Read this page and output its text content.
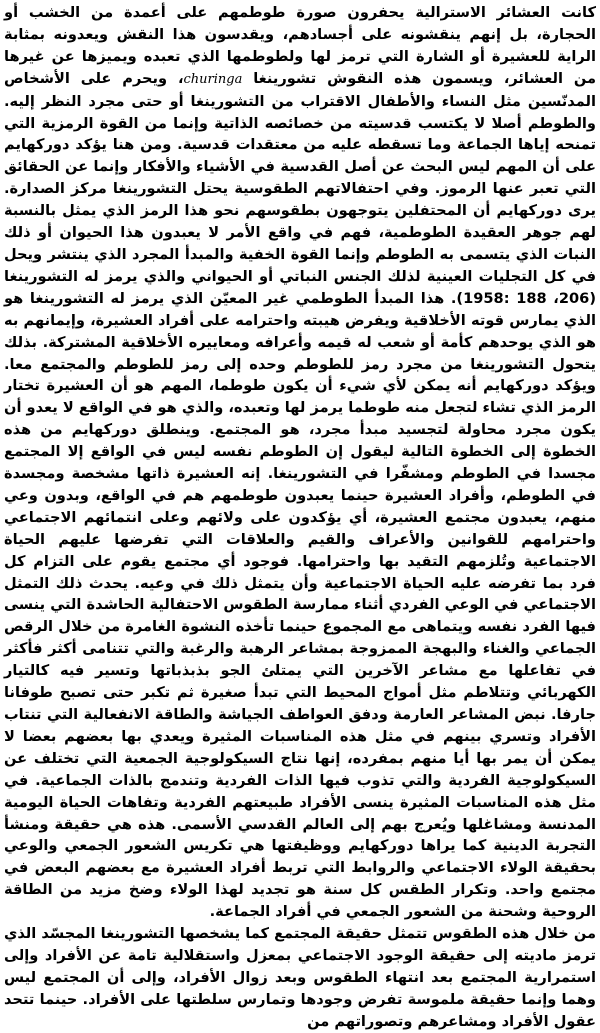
كانت العشائر الاسترالية يحفرون صورة طوطمهم على أعمدة من الخشب أو الحجارة، بل إنهم ينقشونه على أجسادهم، ويقدسون هذا النقش ويعدونه بمثابة الراية للعشيرة أو الشارة التي ترمز لها ولطوطمها الذي تعبده ويميزها عن غيرها من العشائر، ويسمون هذه النقوش تشورينغا churinga، ويحرم على الأشخاص المدنّسين مثل النساء والأطفال الاقتراب من التشورينغا أو حتى مجرد النظر إليه. والطوطم أصلا لا يكتسب قدسيته من خصائصه الذاتية وإنما من القوة الرمزية التي تمنحه إياها الجماعة وما تسقطه عليه من معتقدات قدسية. ومن هنا يؤكد دوركهايم على أن المهم ليس البحث عن أصل القدسية في الأشياء والأفكار وإنما عن الحقائق التي تعبر عنها الرموز. وفي احتفالاتهم الطقوسية يحتل التشورينغا مركز الصدارة. يرى دوركهايم أن المحتفلين يتوجهون بطقوسهم نحو هذا الرمز الذي يمثل بالنسبة لهم جوهر العقيدة الطوطمية، فهم في واقع الأمر لا يعبدون هذا الحيوان أو ذلك النبات الذي يتسمى به الطوطم وإنما القوة الخفية والمبدأ المجرد الذي ينتشر ويحل في كل التجليات العينية لذلك الجنس النباتي أو الحيواني والذي يرمز له التشورينغا (206، 188 :1958). هذا المبدأ الطوطمي غير المعيّن الذي يرمز له التشورينغا هو الذي يمارس قوته الأخلاقية ويفرض هيبته واحترامه على أفراد العشيرة، وإيمانهم به هو الذي يوحدهم كأمة أو شعب له قيمه وأعرافه ومعاييره الأخلاقية المشتركة. بذلك يتحول التشورينغا من مجرد رمز للطوطم وحده إلى رمز للطوطم والمجتمع معا. ويؤكد دوركهايم أنه يمكن لأي شيء أن يكون طوطما، المهم هو أن العشيرة تختار الرمز الذي تشاء لتجعل منه طوطما يرمز لها وتعبده، والذي هو في الواقع لا يعدو أن يكون مجرد محاولة لتجسيد مبدأ مجرد، هو المجتمع. وينطلق دوركهايم من هذه الخطوة إلى الخطوة التالية ليقول إن الطوطم نفسه ليس في الواقع إلا المجتمع مجسدا في الطوطم ومشفّرا في التشورينغا. إنه العشيرة ذاتها مشخصة ومجسدة في الطوطم، وأفراد العشيرة حينما يعبدون طوطمهم هم في الواقع، وبدون وعي منهم، يعبدون مجتمع العشيرة، أي يؤكدون على ولائهم وعلى انتمائهم الاجتماعي واحترامهم للقوانين والأعراف والقيم والعلاقات التي تفرضها عليهم الحياة الاجتماعية وتُلزمهم التقيد بها واحترامها. فوجود أي مجتمع يقوم على التزام كل فرد بما تفرضه عليه الحياة الاجتماعية وأن يتمثل ذلك في وعيه. يحدث ذلك التمثل الاجتماعي في الوعي الفردي أثناء ممارسة الطقوس الاحتفالية الحاشدة التي ينسى فيها الفرد نفسه ويتماهى مع المجموع حينما تأخذه النشوة الغامرة من خلال الرقص الجماعي والغناء والبهجة الممزوجة بمشاعر الرهبة والرغبة والتي تتنامى أكثر فأكثر في تفاعلها مع مشاعر الآخرين التي يمتلئ الجو بذبذباتها وتسير فيه كالتيار الكهربائي وتتلاطم مثل أمواج المحيط التي تبدأ صغيرة ثم تكبر حتى تصبح طوفانا جارفا. نبض المشاعر العارمة ودفق العواطف الجياشة والطاقة الانفعالية التي تنتاب الأفراد وتسري بينهم في مثل هذه المناسبات المثيرة ويعدي بها بعضهم بعضا لا يمكن أن يمر بها أيا منهم بمفرده، إنها نتاج السيكولوجية الجمعية التي تختلف عن السيكولوجية الفردية والتي تذوب فيها الذات الفردية وتندمج بالذات الجماعية. في مثل هذه المناسبات المثيرة ينسى الأفراد طبيعتهم الفردية وتفاهات الحياة اليومية المدنسة ومشاغلها ويُعرج بهم إلى العالم القدسي الأسمى. هذه هي حقيقة ومنشأ التجربة الدينية كما يراها دوركهايم ووظيفتها هي تكريس الشعور الجمعي والوعي بحقيقة الولاء الاجتماعي والروابط التي تربط أفراد العشيرة مع بعضهم البعض في مجتمع واحد. وتكرار الطقس كل سنة هو تجديد لهذا الولاء وضخ مزيد من الطاقة الروحية وشحنة من الشعور الجمعي في أفراد الجماعة.

من خلال هذه الطقوس تتمثل حقيقة المجتمع كما يشخصها التشورينغا المجسّد الذي ترمز ماديته إلى حقيقة الوجود الاجتماعي بمعزل واستقلالية تامة عن الأفراد وإلى استمرارية المجتمع بعد انتهاء الطقوس وبعد زوال الأفراد، وإلى أن المجتمع ليس وهما وإنما حقيقة ملموسة تفرض وجودها وتمارس سلطتها على الأفراد. حينما تتحد عقول الأفراد ومشاعرهم وتصوراتهم من
